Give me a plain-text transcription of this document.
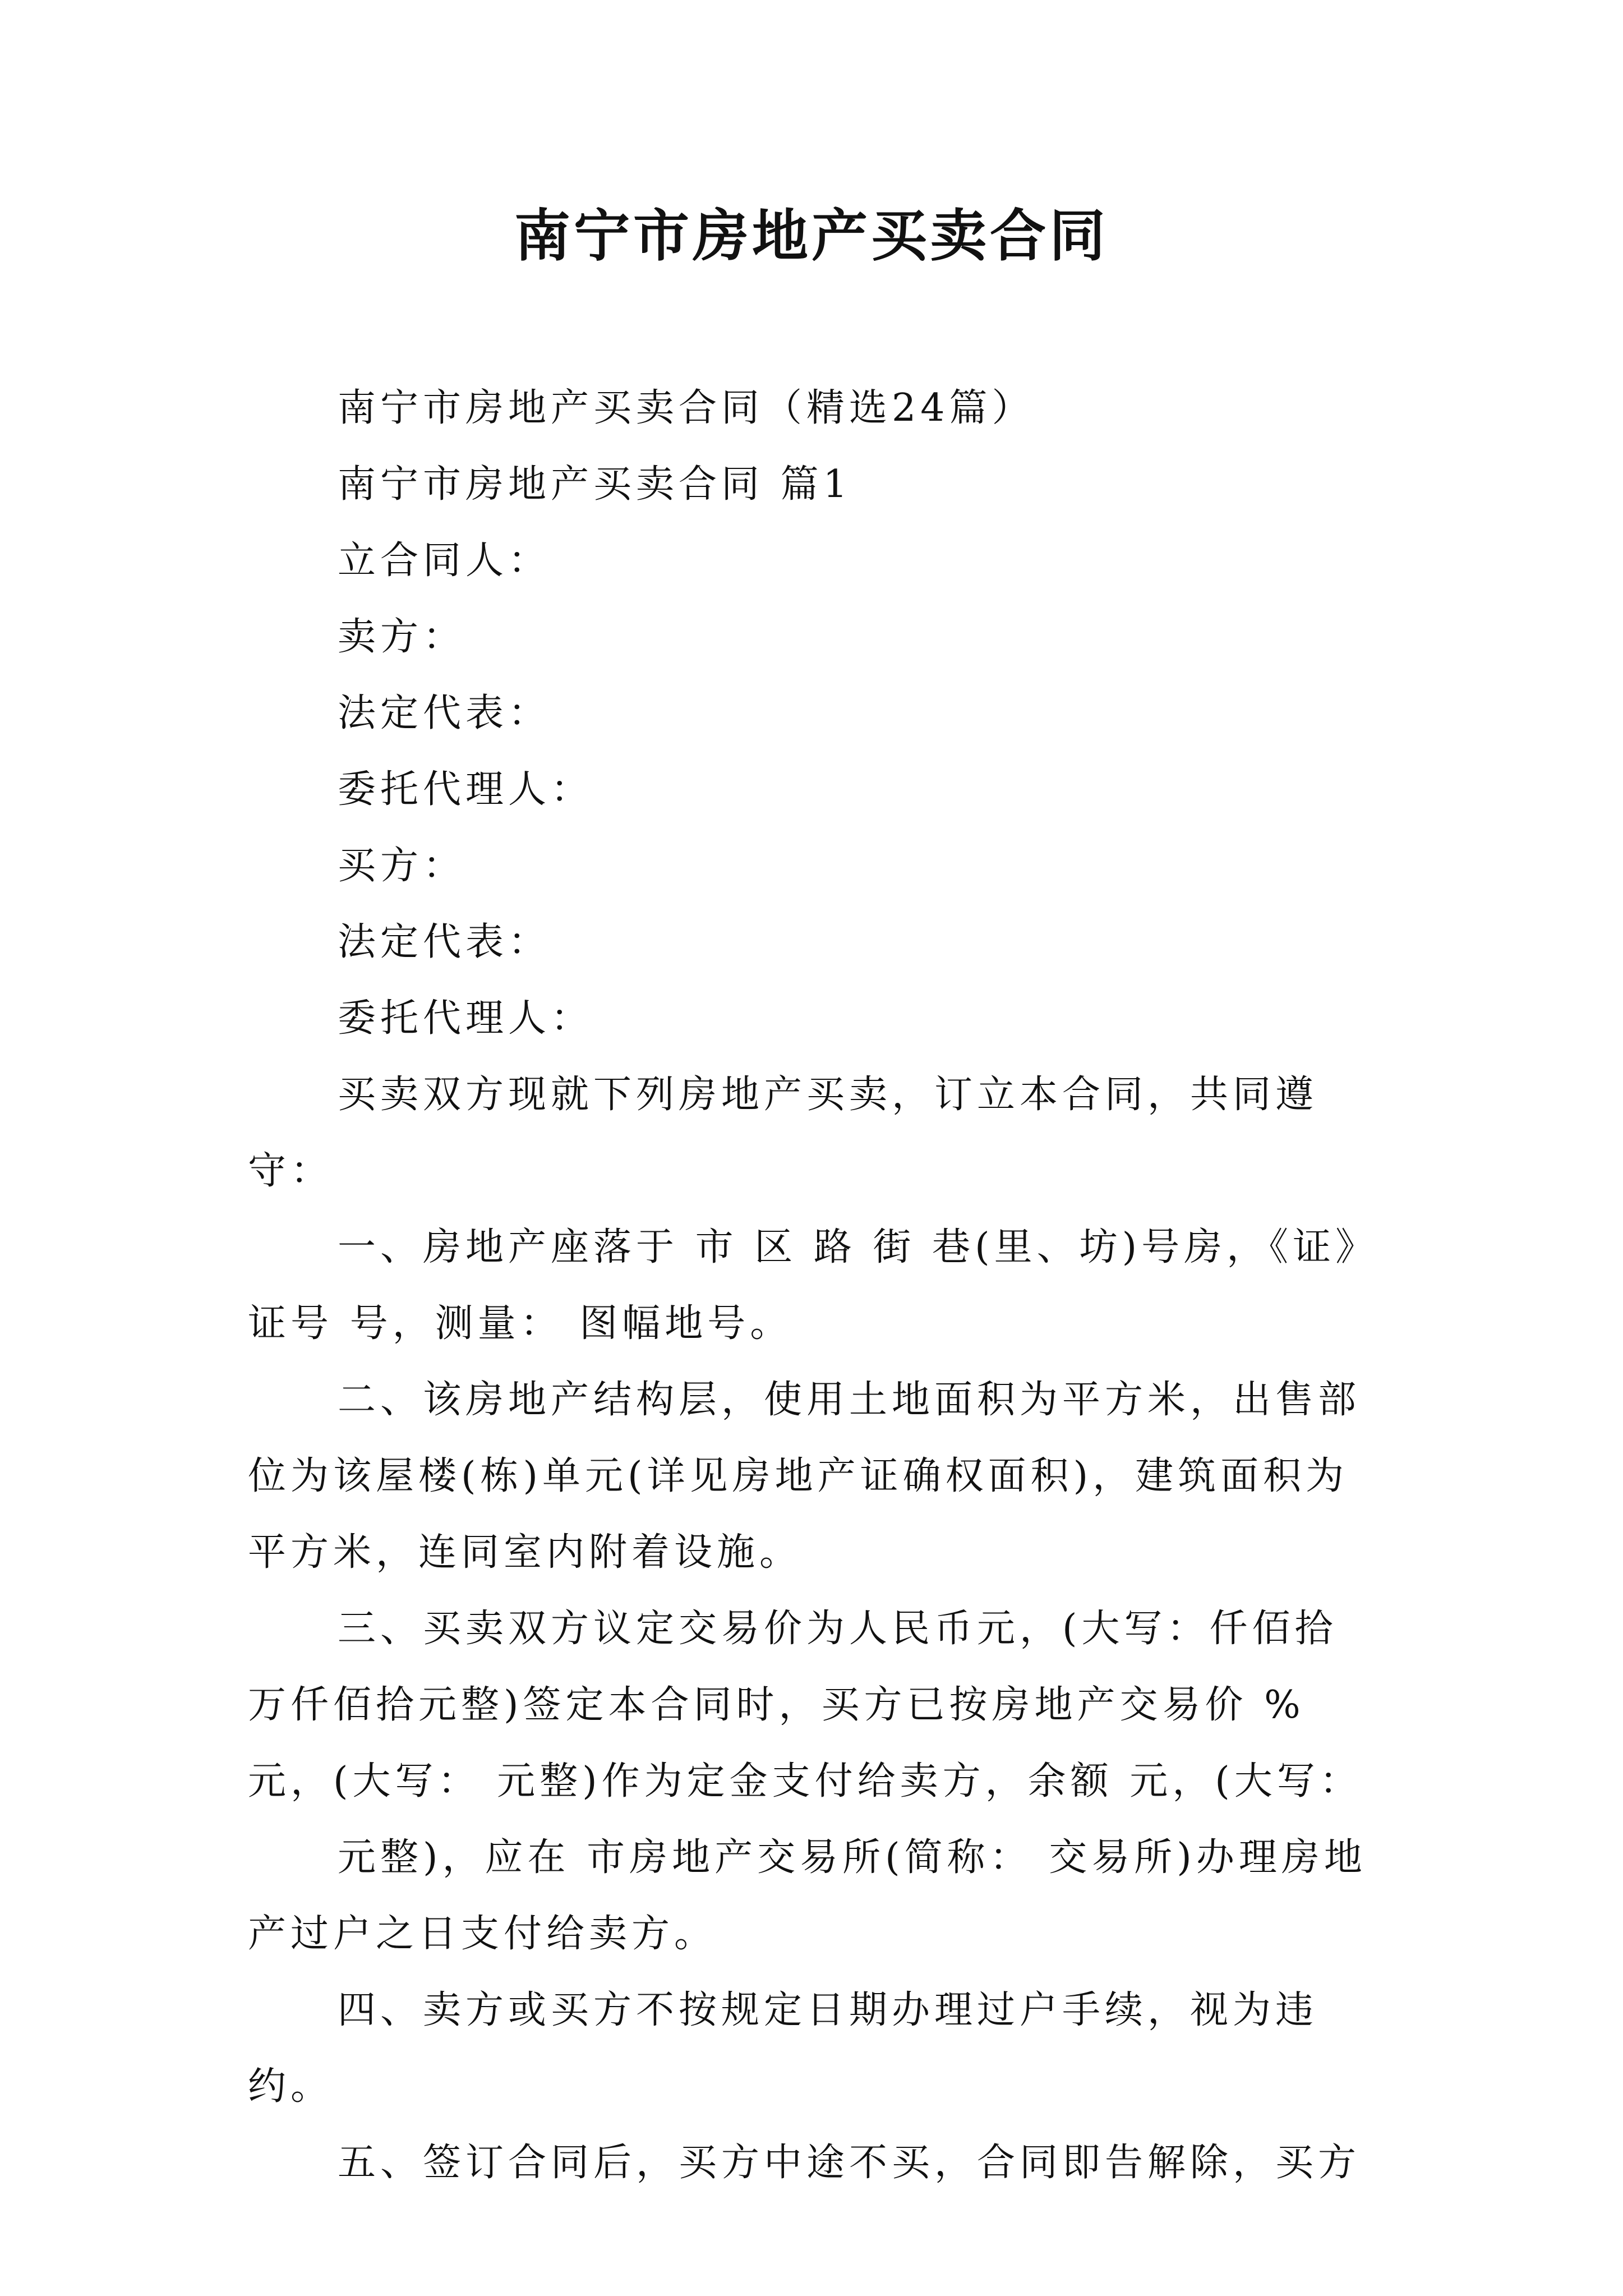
南宁市房地产买卖合同

南宁市房地产买卖合同（精选24篇）

南宁市房地产买卖合同 篇1

立合同人：

卖方：

法定代表：

委托代理人：

买方：

法定代表：

委托代理人：

买卖双方现就下列房地产买卖，订立本合同，共同遵守：

一、房地产座落于 市 区 路 街 巷(里、坊)号房，《证》证号 号，测量： 图幅地号。

二、该房地产结构层，使用土地面积为平方米，出售部位为该屋楼(栋)单元(详见房地产证确权面积)，建筑面积为平方米，连同室内附着设施。

三、买卖双方议定交易价为人民币元，(大写：仟佰拾万仟佰拾元整)签定本合同时，买方已按房地产交易价 %元，(大写： 元整)作为定金支付给卖方，余额 元，(大写：

元整)，应在 市房地产交易所(简称： 交易所)办理房地产过户之日支付给卖方。

四、卖方或买方不按规定日期办理过户手续，视为违约。

五、签订合同后，买方中途不买，合同即告解除，买方
